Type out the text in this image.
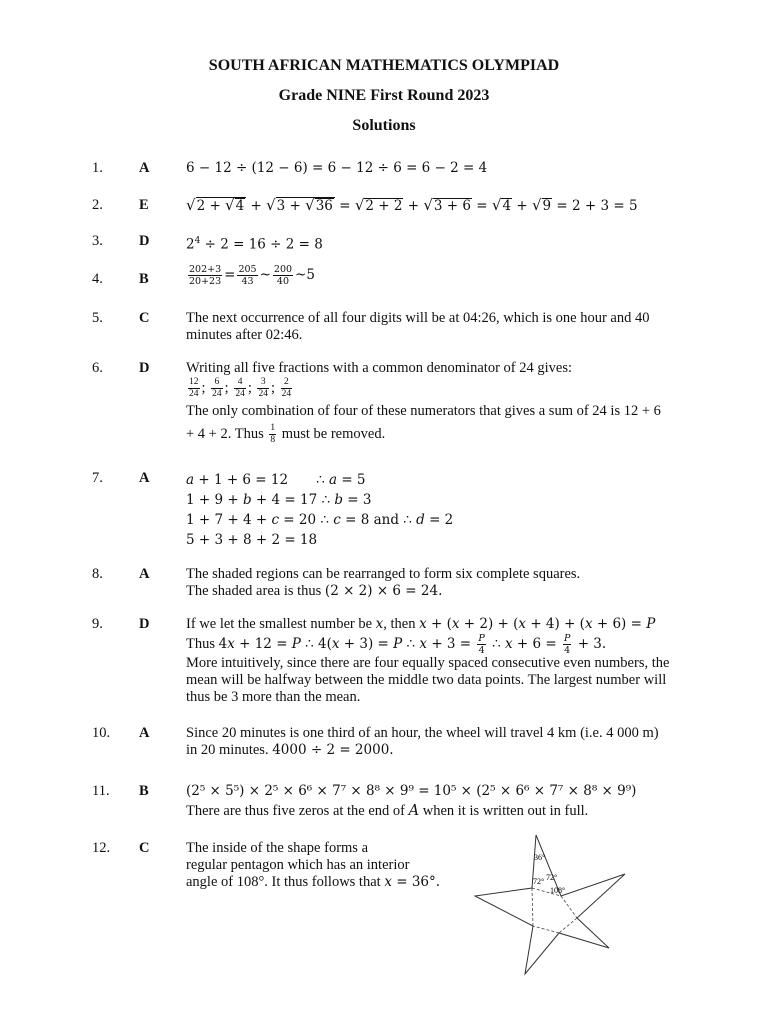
SOUTH AFRICAN MATHEMATICS OLYMPIAD
Grade NINE First Round 2023
Solutions
1.	A	6 − 12 ÷ (12 − 6) = 6 − 12 ÷ 6 = 6 − 2 = 4
2.	E √2 + √4 + √3 + √36 = √2 + 2 + √3 + 6 = √4 + √9 = 2 + 3 = 5
3.	D	$2^4 \div 2 = 16 \div 2 = 8$
4.	B	$\frac{202+3}{20+23} = \frac{205}{43}$ ~ $\frac{200}{40}$ ~5
5.	C	The next occurrence of all four digits will be at 04:26, which is one hour and 40
minutes after 02:46.
6.	D	Writing all five fractions with a common denominator of 24 gives:
$\frac{12}{24}$ ; $\frac{6}{24}$ ; $\frac{4}{24}$ ; $\frac{3}{24}$ ; $\frac{2}{24}$
The only combination of four of these numerators that gives a sum of 24 is 12 + 6
+ 4 + 2. Thus $\frac{1}{8}$ must be removed.
7.	A	𝑎 + 1 + 6 = 12 ∴ 𝑎 = 5
1 + 9 + 𝑏 + 4 = 17 ∴ 𝑏 = 3
1 + 7 + 4 + 𝑐 = 20 ∴ 𝑐 = 8 and ∴ 𝑑 = 2
5 + 3 + 8 + 2 = 18
8.	A	The shaded regions can be rearranged to form six complete squares.
The shaded area is thus (2 × 2) × 6 = 24.
9.	D	If we let the smallest number be 𝑥, then 𝑥 + (𝑥 + 2) + (𝑥 + 4) + (𝑥 + 6) = 𝑃
Thus 4𝑥 + 12 = 𝑃 ∴ 4(𝑥 + 3) = 𝑃 ∴ 𝑥 + $3 = \frac{\text{𝑃}}{4}$ ∴ 𝑥 + $6 = \frac{\text{𝑃}}{4} + 3$.
More intuitively, since there are four equally spaced consecutive even numbers, the
mean will be halfway between the middle two data points. The largest number will
thus be 3 more than the mean.
10.	A	Since 20 minutes is one third of an hour, the wheel will travel 4 km (i.e. 4 000 m)
in 20 minutes. 4000 ÷ 2 = 2000.
11.	B	(2⁵ × 5⁵) × 2⁵ × 6⁶ × 7⁷ × 8⁸ × 9⁹ = 10⁵ × (2⁵ × 6⁶ × 7⁷ × 8⁸ × 9⁹)
There are thus five zeros at the end of 𝐴 when it is written out in full.
12.	C	The inside of the shape forms a
regular pentagon which has an interior
angle of 108°. It thus follows that 𝑥 = 36°.
36°
72° 72°
108°
